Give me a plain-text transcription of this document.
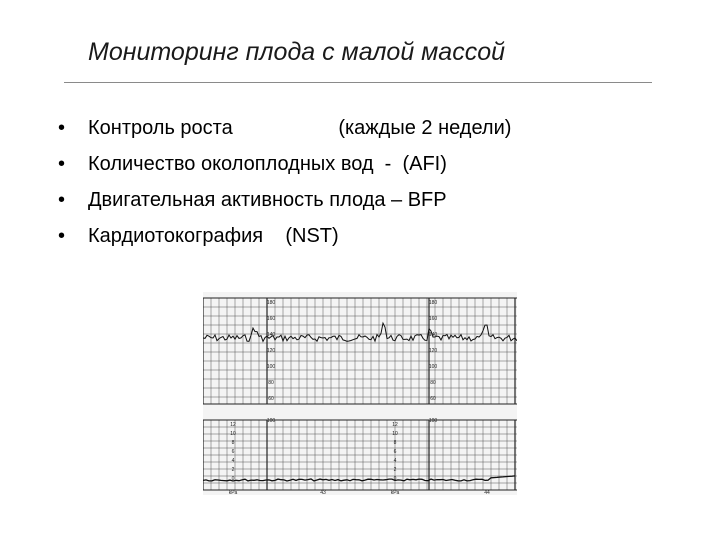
Мониторинг плода с малой массой
• Контроль роста                   (каждые 2 недели)
• Количество околоплодных вод  -  (AFI)
• Двигательная активность плода – BFP
• Кардиотокография    (NST)
180
160
140
120
100
80
60
180
160
140
120
100
80
60
12
10
8
6
4
2
0
12
10
8
6
4
2
0
100	100
kPa	kPa
43	44
